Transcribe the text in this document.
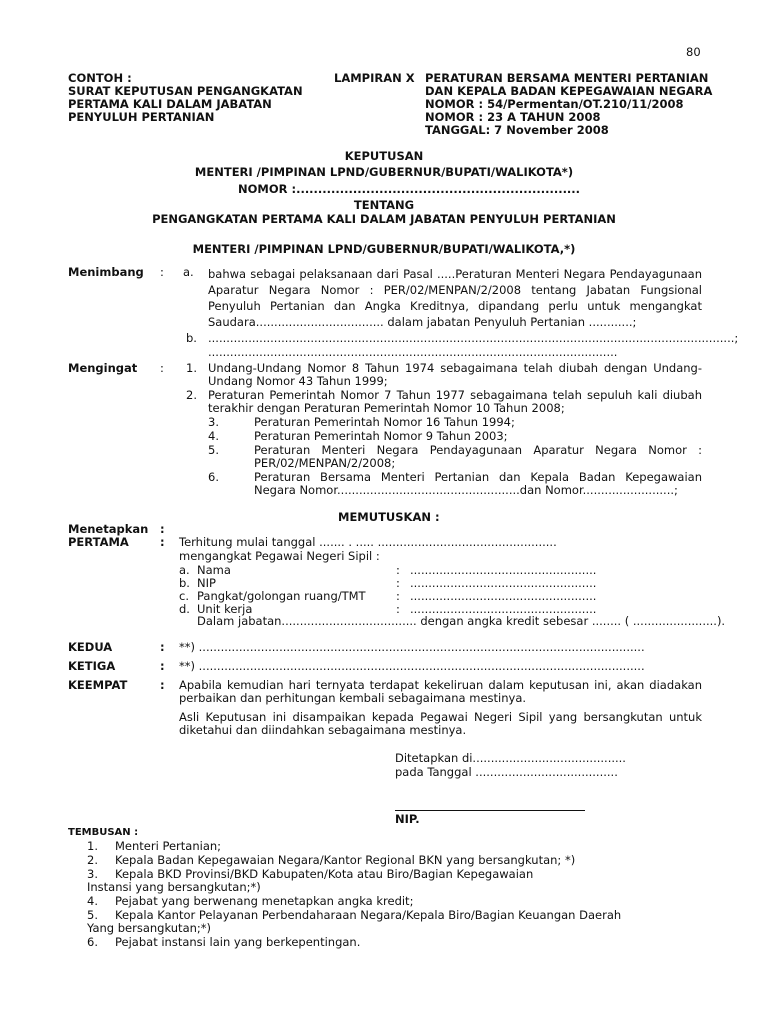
80
CONTOH :
SURAT KEPUTUSAN PENGANGKATAN
PERTAMA KALI DALAM JABATAN
PENYULUH PERTANIAN
LAMPIRAN X PERATURAN BERSAMA MENTERI PERTANIAN
DAN KEPALA BADAN KEPEGAWAIAN NEGARA
NOMOR : 54/Permentan/OT.210/11/2008
NOMOR : 23 A TAHUN 2008
TANGGAL: 7 November 2008
KEPUTUSAN
MENTERI /PIMPINAN LPND/GUBERNUR/BUPATI/WALIKOTA*)
NOMOR :.................................................................
TENTANG
PENGANGKATAN PERTAMA KALI DALAM JABATAN PENYULUH PERTANIAN
MENTERI /PIMPINAN LPND/GUBERNUR/BUPATI/WALIKOTA,*)
Menimbang : a. bahwa sebagai pelaksanaan dari Pasal .....Peraturan Menteri Negara Pendayagunaan Aparatur Negara Nomor : PER/02/MENPAN/2/2008 tentang Jabatan Fungsional Penyuluh Pertanian dan Angka Kreditnya, dipandang perlu untuk mengangkat Saudara................................... dalam jabatan Penyuluh Pertanian ............;
b. ................................................................................................................................................;
................................................................................................................
Mengingat : 1. Undang-Undang Nomor 8 Tahun 1974 sebagaimana telah diubah dengan Undang-Undang Nomor 43 Tahun 1999;
2. Peraturan Pemerintah Nomor 7 Tahun 1977 sebagaimana telah sepuluh kali diubah terakhir dengan Peraturan Pemerintah Nomor 10 Tahun 2008;
3.	Peraturan Pemerintah Nomor 16 Tahun 1994;
4.	Peraturan Pemerintah Nomor 9 Tahun 2003;
5.	Peraturan Menteri Negara Pendayagunaan Aparatur Negara Nomor : PER/02/MENPAN/2/2008;
6.	Peraturan Bersama Menteri Pertanian dan Kepala Badan Kepegawaian Negara Nomor..................................................dan Nomor.........................;
MEMUTUSKAN :
Menetapkan :
PERTAMA	: Terhitung mulai tanggal ....... . ..... .................................................
mengangkat Pegawai Negeri Sipil :
a. Nama	: ...................................................
b. NIP	: ...................................................
c. Pangkat/golongan ruang/TMT	: ...................................................
d. Unit kerja	: ...................................................
Dalam jabatan..................................... dengan angka kredit sebesar ........ ( .......................).
KEDUA	: **) ..........................................................................................................................
KETIGA	: **) ..........................................................................................................................
KEEMPAT	: Apabila kemudian hari ternyata terdapat kekeliruan dalam keputusan ini, akan diadakan perbaikan dan perhitungan kembali sebagaimana mestinya.
Asli Keputusan ini disampaikan kepada Pegawai Negeri Sipil yang bersangkutan untuk diketahui dan diindahkan sebagaimana mestinya.
Ditetapkan di..........................................
pada Tanggal .......................................
NIP.
TEMBUSAN :
1. Menteri Pertanian;
2. Kepala Badan Kepegawaian Negara/Kantor Regional BKN yang bersangkutan; *)
3. Kepala BKD Provinsi/BKD Kabupaten/Kota atau Biro/Bagian Kepegawaian
Instansi yang bersangkutan;*)
4. Pejabat yang berwenang menetapkan angka kredit;
5. Kepala Kantor Pelayanan Perbendaharaan Negara/Kepala Biro/Bagian Keuangan Daerah
Yang bersangkutan;*)
6. Pejabat instansi lain yang berkepentingan.
